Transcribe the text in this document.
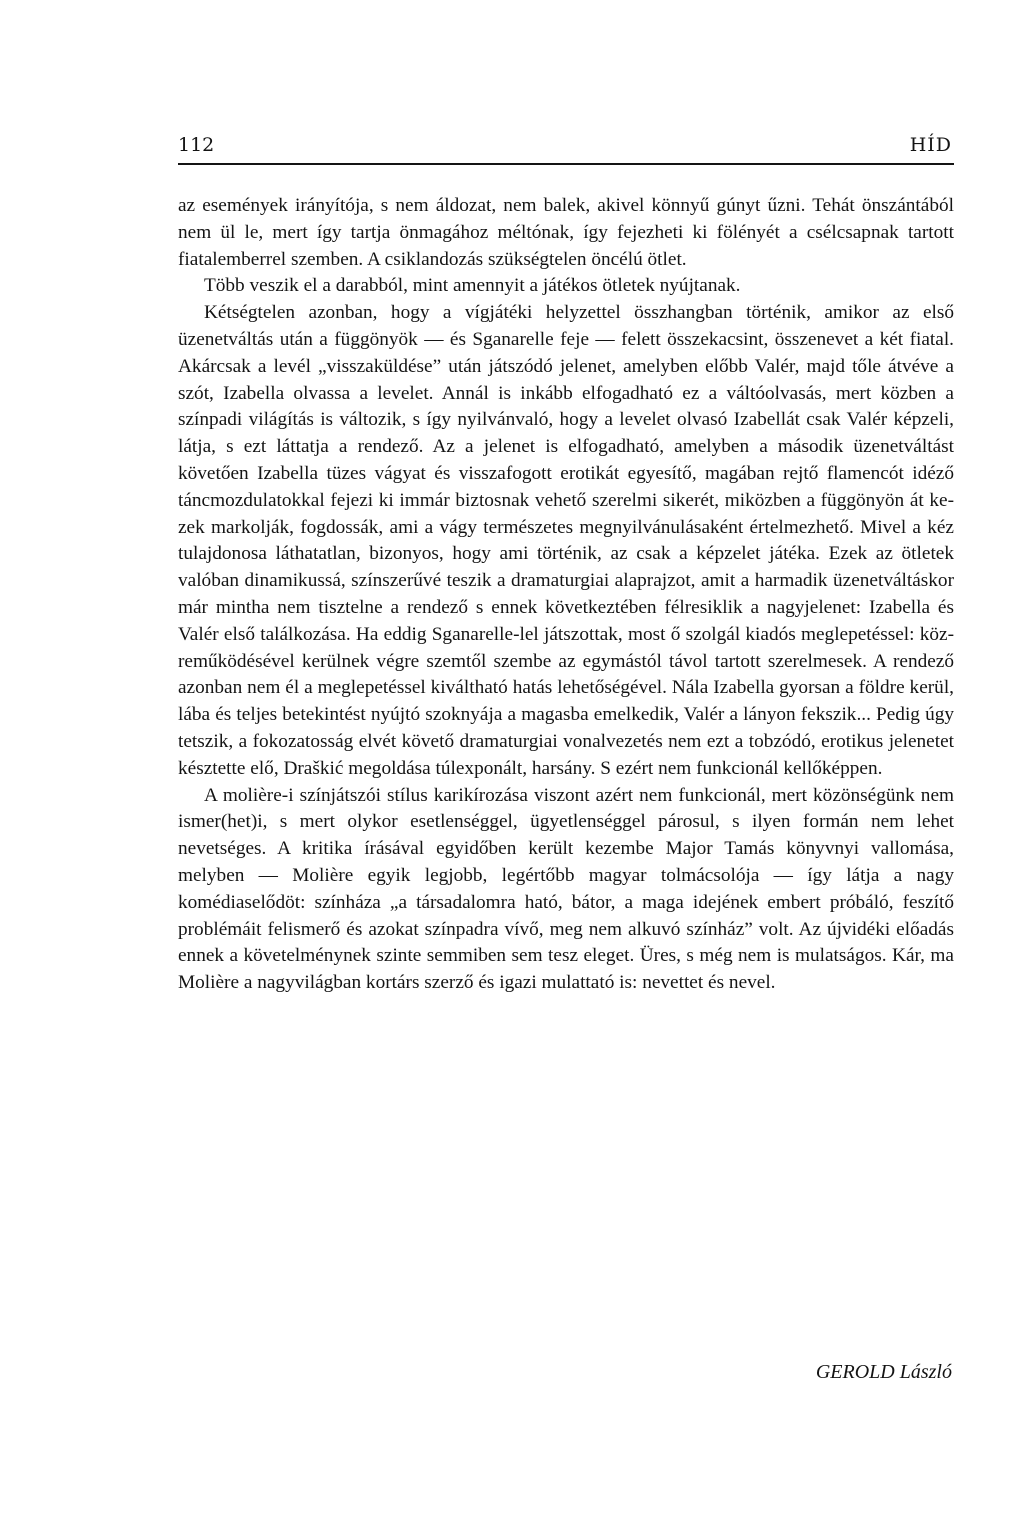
112	HÍD

az események irányítója, s nem áldozat, nem balek, akivel könnyű gúnyt űzni. Tehát önszántából nem ül le, mert így tartja önmagához méltónak, így fejezheti ki fölényét a csélcsapnak tartott fiatalemberrel szemben. A csiklandozás szükségtelen öncélú ötlet.

Több veszik el a darabból, mint amennyit a játékos ötletek nyújtanak.

Kétségtelen azonban, hogy a vígjátéki helyzettel összhangban történik, amikor az első üzenetváltás után a függönyök — és Sganarelle feje — felett összekacsint, összenevet a két fiatal. Akárcsak a levél „visszaküldése” után játszódó jelenet, amelyben előbb Valér, majd tőle átvéve a szót, Izabella olvassa a levelet. Annál is inkább elfogadható ez a váltóolvasás, mert közben a színpadi világítás is változik, s így nyilvánvaló, hogy a levelet olvasó Izabellát csak Valér képzeli, látja, s ezt láttatja a rendező. Az a jelenet is elfogadható, amelyben a második üzenetváltást követően Izabella tüzes vágyat és visszafogott erotikát egyesítő, magában rejtő flamencót idéző táncmozdulatokkal fejezi ki immár biztosnak vehető szerelmi sikerét, miközben a függönyön át kezek markolják, fogdossák, ami a vágy természetes megnyilvánulásaként értelmezhető. Mivel a kéz tulajdonosa láthatatlan, bizonyos, hogy ami történik, az csak a képzelet játéka. Ezek az ötletek valóban dinamikussá, színszerűvé teszik a dramaturgiai alaprajzot, amit a harmadik üzenetváltáskor már mintha nem tisztelne a rendező s ennek következtében félresiklik a nagyjelenet: Izabella és Valér első találkozása. Ha eddig Sganarelle-lel játszottak, most ő szolgál kiadós meglepetéssel: közreműködésével kerülnek végre szemtől szembe az egymástól távol tartott szerelmesek. A rendező azonban nem él a meglepetéssel kiváltható hatás lehetőségével. Nála Izabella gyorsan a földre kerül, lába és teljes betekintést nyújtó szoknyája a magasba emelkedik, Valér a lányon fekszik... Pedig úgy tetszik, a fokozatosság elvét követő dramaturgiai vonalvezetés nem ezt a tobzódó, erotikus jelenetet késztette elő, Draškić megoldása túlexponált, harsány. S ezért nem funkcionál kellőképpen.

A molière-i színjátszói stílus karikírozása viszont azért nem funkcionál, mert közönségünk nem ismer(het)i, s mert olykor esetlenséggel, ügyetlenséggel párosul, s ilyen formán nem lehet nevetséges. A kritika írásával egyidőben került kezembe Major Tamás könyvnyi vallomása, melyben — Molière egyik legjobb, legértőbb magyar tolmácsolója — így látja a nagy komédiaselődöt: színháza „a társadalomra ható, bátor, a maga idejének embert próbáló, feszítő problémáit felismerő és azokat színpadra vívő, meg nem alkuvó színház” volt. Az újvidéki előadás ennek a követelménynek szinte semmiben sem tesz eleget. Üres, s még nem is mulatságos. Kár, ma Molière a nagyvilágban kortárs szerző és igazi mulattató is: nevettet és nevel.

GEROLD László
